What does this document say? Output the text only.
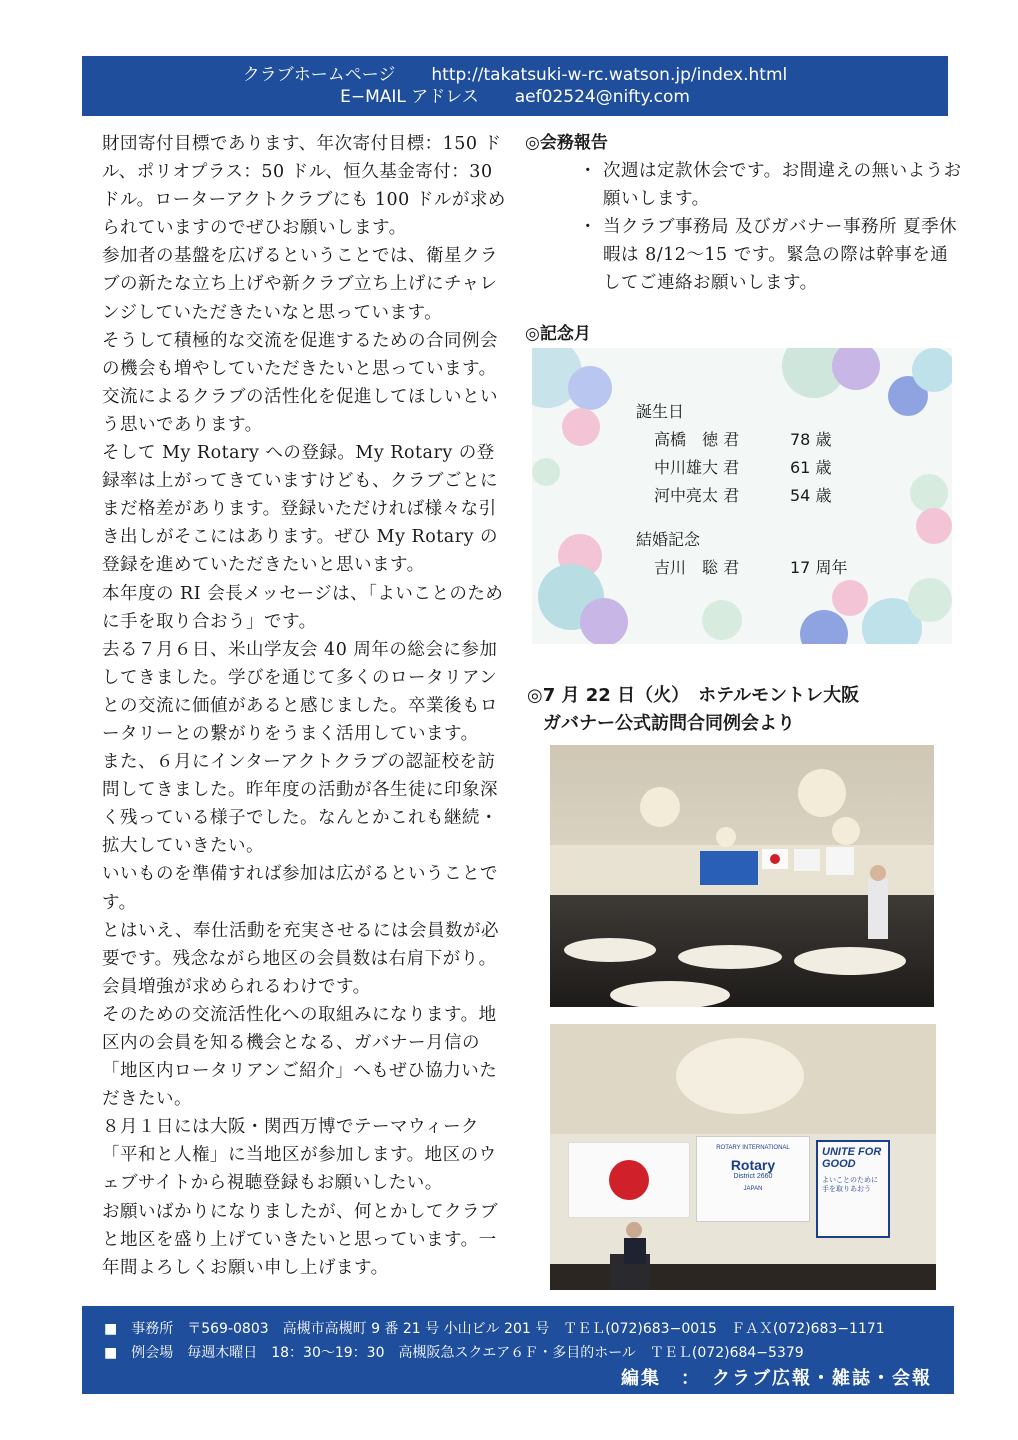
クラブホームページ http://takatsuki-w-rc.watson.jp/index.html
E−MAIL アドレス aef02524@nifty.com

財団寄付目標であります、年次寄付目標：150 ドル、ポリオプラス：50 ドル、恒久基金寄付：30 ドル。ローターアクトクラブにも 100 ドルが求められていますのでぜひお願いします。

参加者の基盤を広げるということでは、衛星クラブの新たな立ち上げや新クラブ立ち上げにチャレンジしていただきたいなと思っています。

そうして積極的な交流を促進するための合同例会の機会も増やしていただきたいと思っています。交流によるクラブの活性化を促進してほしいという思いであります。

そして My Rotary への登録。My Rotary の登録率は上がってきていますけども、クラブごとにまだ格差があります。登録いただければ様々な引き出しがそこにはあります。ぜひ My Rotary の登録を進めていただきたいと思います。

本年度の RI 会長メッセージは、「よいことのために手を取り合おう」です。

去る７月６日、米山学友会 40 周年の総会に参加してきました。学びを通じて多くのロータリアンとの交流に価値があると感じました。卒業後もロータリーとの繋がりをうまく活用しています。

また、６月にインターアクトクラブの認証校を訪問してきました。昨年度の活動が各生徒に印象深く残っている様子でした。なんとかこれも継続・拡大していきたい。

いいものを準備すれば参加は広がるということです。

とはいえ、奉仕活動を充実させるには会員数が必要です。残念ながら地区の会員数は右肩下がり。会員増強が求められるわけです。

そのための交流活性化への取組みになります。地区内の会員を知る機会となる、ガバナー月信の「地区内ロータリアンご紹介」へもぜひ協力いただきたい。

８月１日には大阪・関西万博でテーマウィーク「平和と人権」に当地区が参加します。地区のウェブサイトから視聴登録もお願いしたい。

お願いばかりになりましたが、何とかしてクラブと地区を盛り上げていきたいと思っています。一年間よろしくお願い申し上げます。

◎会務報告
・ 次週は定款休会です。お間違えの無いようお願いします。
・ 当クラブ事務局 及びガバナー事務所 夏季休暇は 8/12〜15 です。緊急の際は幹事を通してご連絡お願いします。
◎記念月
誕生日
高橋　徳 君	78 歳
中川雄大 君	61 歳
河中亮太 君	54 歳
結婚記念
吉川　聡 君	17 周年
◎7 月 22 日（火）　ホテルモントレ大阪
ガバナー公式訪問合同例会より
ROTARY INTERNATIONAL
Rotary
District 2660
JAPAN
UNITE FOR GOOD
よいことのために手を取りあおう
■　事務所　〒569-0803　高槻市高槻町 9 番 21 号 小山ビル 201 号　ＴＥＬ(072)683−0015　ＦＡＸ(072)683−1171
■　例会場　毎週木曜日　18：30〜19：30　高槻阪急スクエア６Ｆ・多目的ホール　ＴＥＬ(072)684−5379
編集　：　クラブ広報・雑誌・会報
